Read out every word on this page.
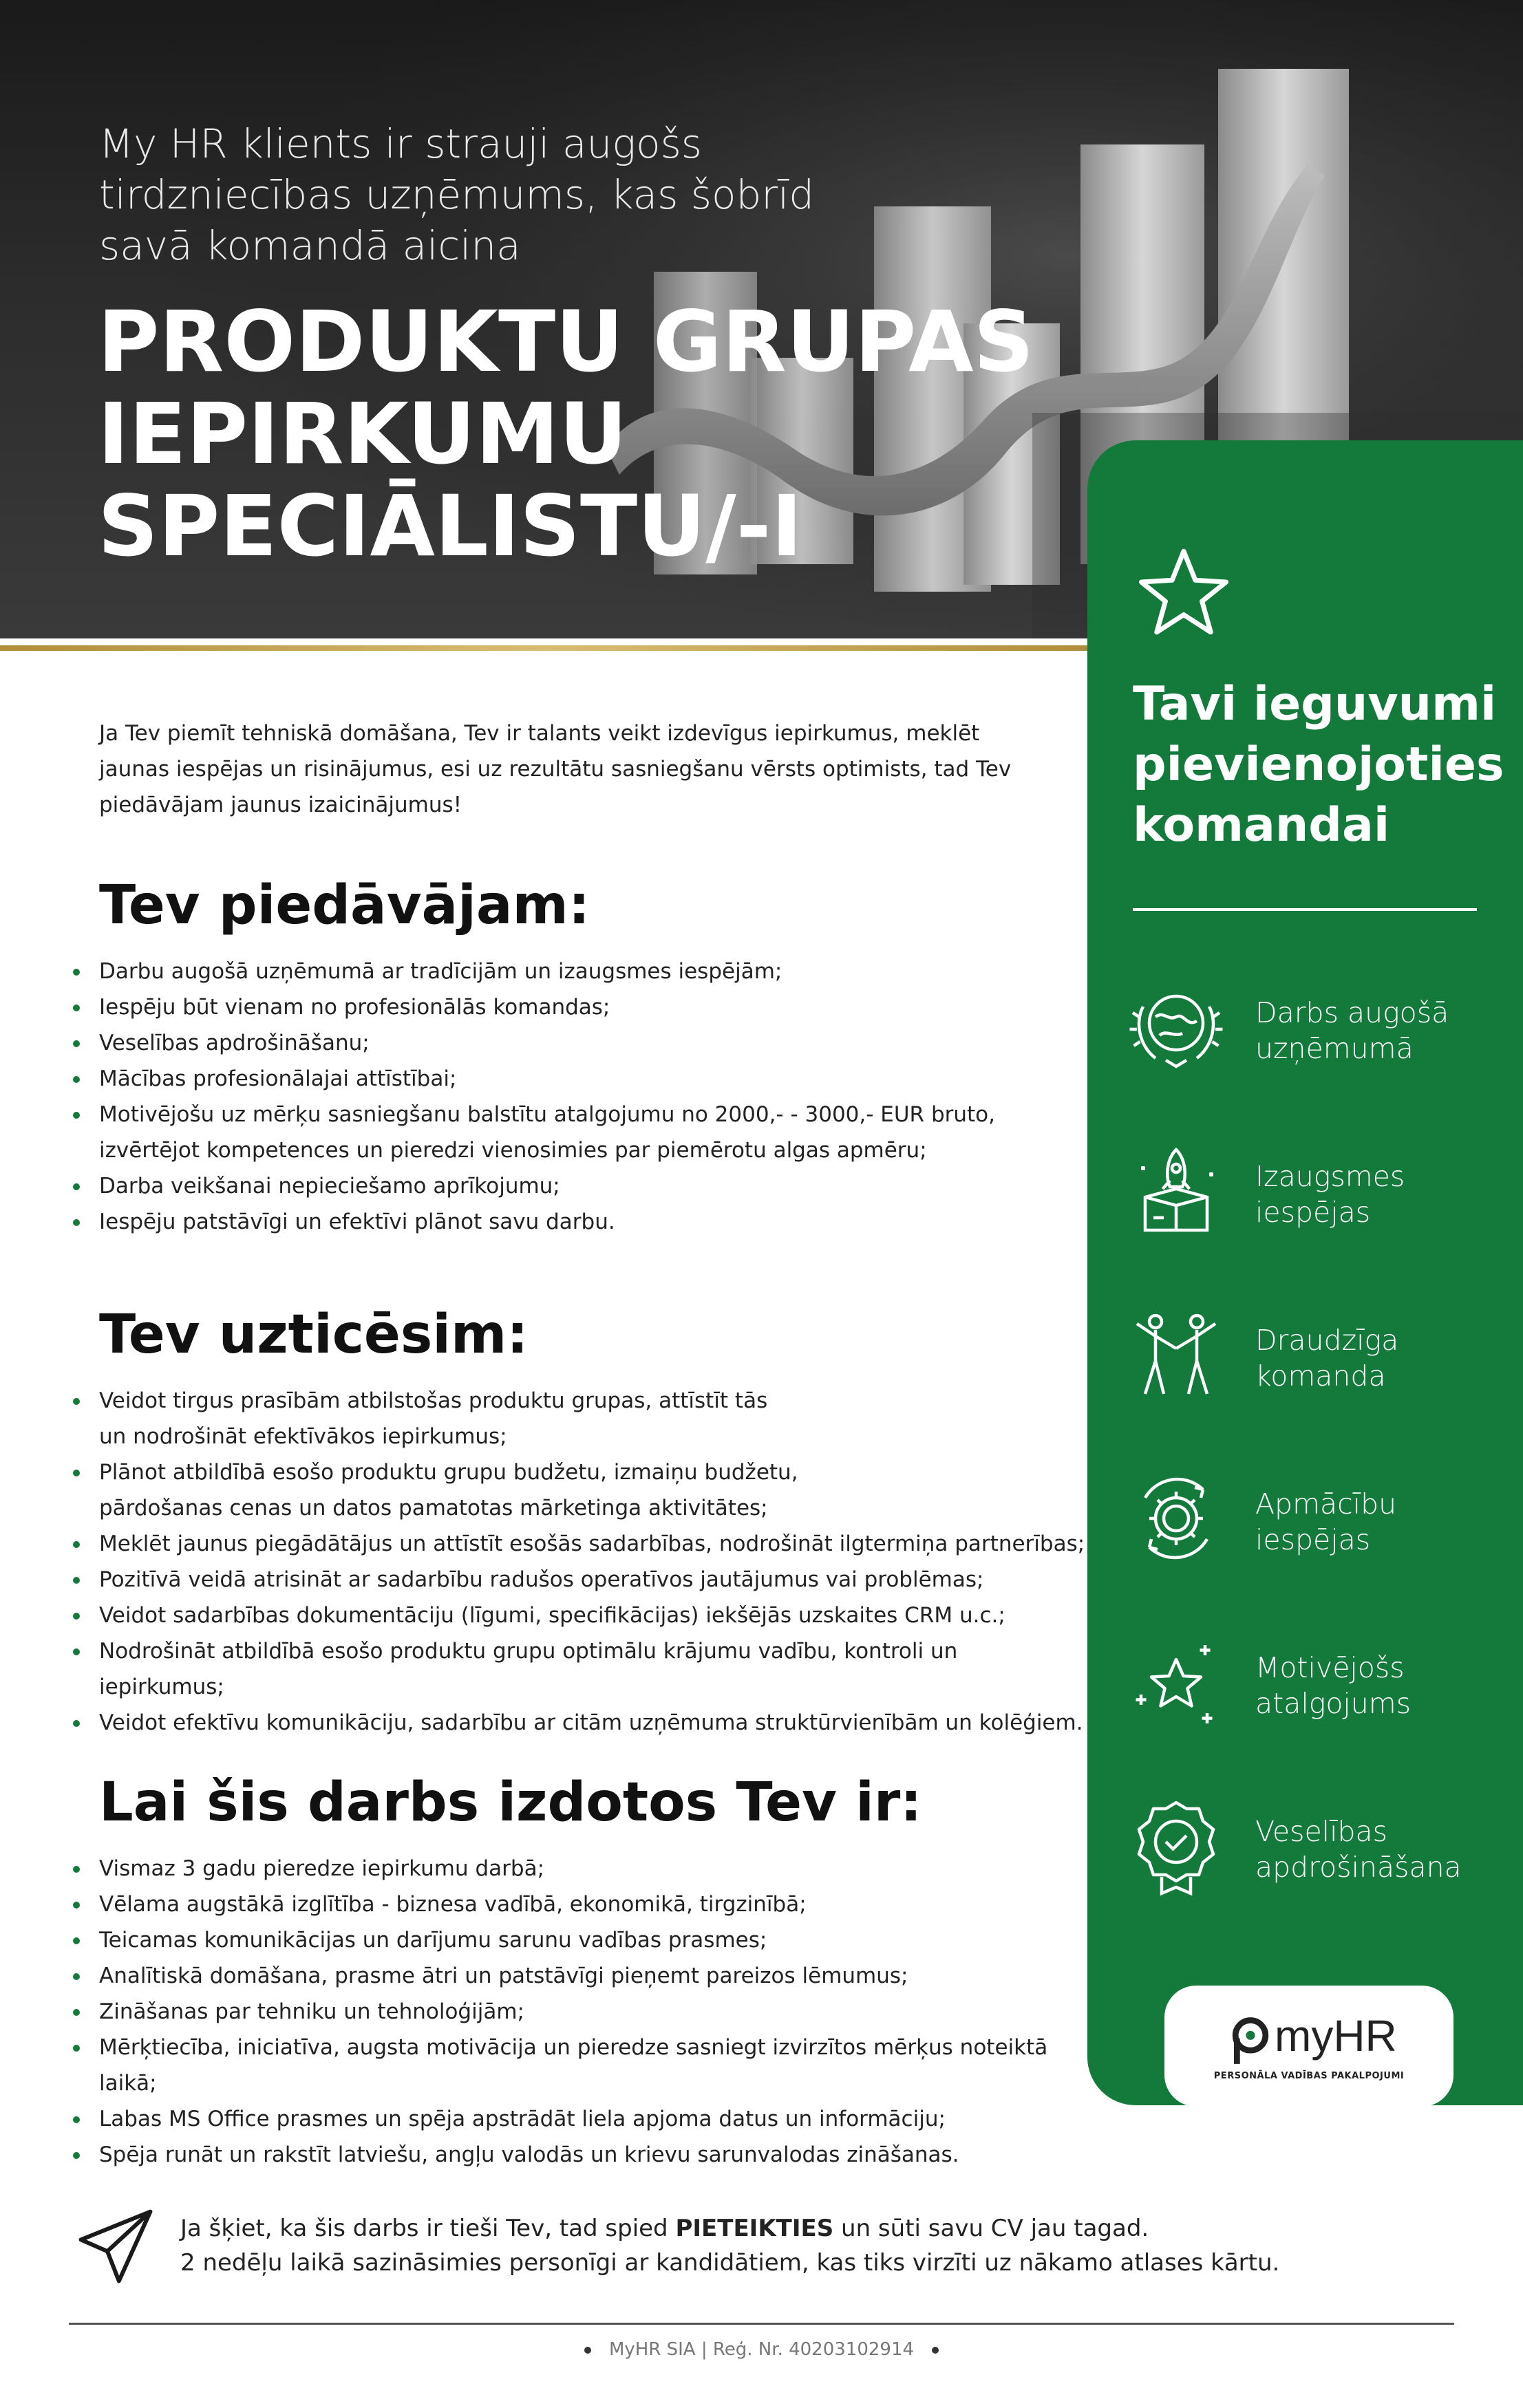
My HR klients ir strauji augošs
tirdzniecības uzņēmums, kas šobrīd
savā komandā aicina
PRODUKTU GRUPAS
IEPIRKUMU
SPECIĀLISTU/-I
Ja Tev piemīt tehniskā domāšana, Tev ir talants veikt izdevīgus iepirkumus, meklēt jaunas iespējas un risinājumus, esi uz rezultātu sasniegšanu vērsts optimists, tad Tev piedāvājam jaunus izaicinājumus!
Tev piedāvājam:
Darbu augošā uzņēmumā ar tradīcijām un izaugsmes iespējām;
Iespēju būt vienam no profesionālās komandas;
Veselības apdrošināšanu;
Mācības profesionālajai attīstībai;
Motivējošu uz mērķu sasniegšanu balstītu atalgojumu no 2000,- - 3000,- EUR bruto, izvērtējot kompetences un pieredzi vienosimies par piemērotu algas apmēru;
Darba veikšanai nepieciešamo aprīkojumu;
Iespēju patstāvīgi un efektīvi plānot savu darbu.
Tev uzticēsim:
Veidot tirgus prasībām atbilstošas produktu grupas, attīstīt tās un nodrošināt efektīvākos iepirkumus;
Plānot atbildībā esošo produktu grupu budžetu, izmaiņu budžetu, pārdošanas cenas un datos pamatotas mārketinga aktivitātes;
Meklēt jaunus piegādātājus un attīstīt esošās sadarbības, nodrošināt ilgtermiņa partnerības;
Pozitīvā veidā atrisināt ar sadarbību radušos operatīvos jautājumus vai problēmas;
Veidot sadarbības dokumentāciju (līgumi, specifikācijas) iekšējās uzskaites CRM u.c.;
Nodrošināt atbildībā esošo produktu grupu optimālu krājumu vadību, kontroli un iepirkumus;
Veidot efektīvu komunikāciju, sadarbību ar citām uzņēmuma struktūrvienībām un kolēģiem.
Lai šis darbs izdotos Tev ir:
Vismaz 3 gadu pieredze iepirkumu darbā;
Vēlama augstākā izglītība - biznesa vadībā, ekonomikā, tirgzinībā;
Teicamas komunikācijas un darījumu sarunu vadības prasmes;
Analītiskā domāšana, prasme ātri un patstāvīgi pieņemt pareizos lēmumus;
Zināšanas par tehniku un tehnoloģijām;
Mērķtiecība, iniciatīva, augsta motivācija un pieredze sasniegt izvirzītos mērķus noteiktā laikā;
Labas MS Office prasmes un spēja apstrādāt liela apjoma datus un informāciju;
Spēja runāt un rakstīt latviešu, angļu valodās un krievu sarunvalodas zināšanas.
Tavi ieguvumi pievienojoties komandai
Darbs augošā uzņēmumā
Izaugsmes iespējas
Draudzīga komanda
Apmācību iespējas
Motivējošs atalgojums
Veselības apdrošināšana
myHR
PERSONĀLA VADĪBAS PAKALPOJUMI
Ja šķiet, ka šis darbs ir tieši Tev, tad spied PIETEIKTIES un sūti savu CV jau tagad.
2 nedēļu laikā sazināsimies personīgi ar kandidātiem, kas tiks virzīti uz nākamo atlases kārtu.
MyHR SIA | Reģ. Nr. 40203102914
